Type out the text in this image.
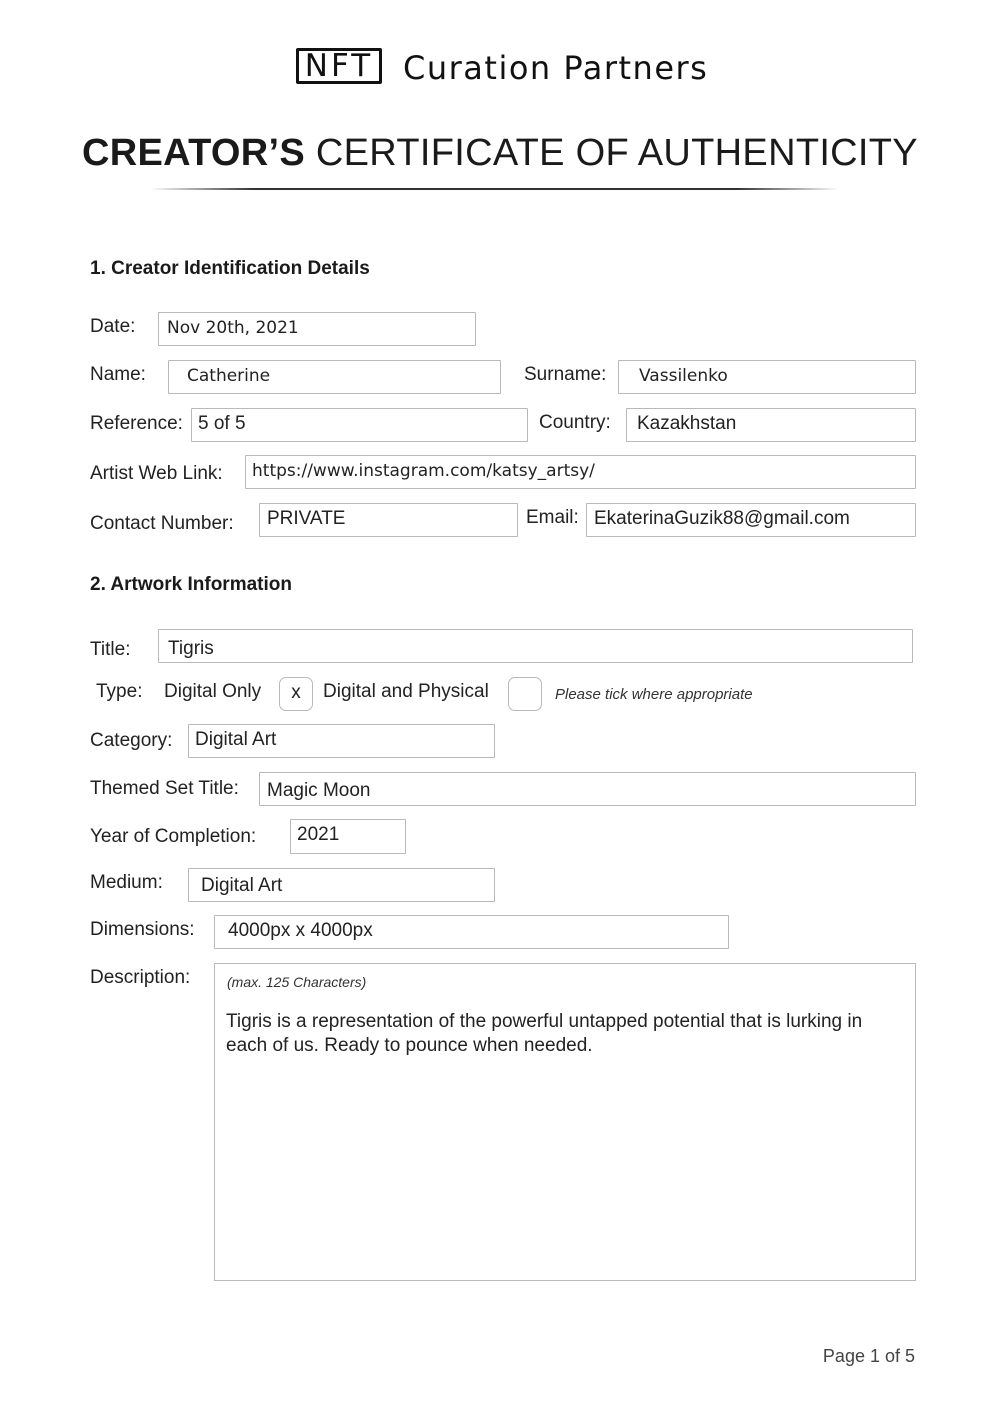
NFT Curation Partners
CREATOR’S CERTIFICATE OF AUTHENTICITY
1. Creator Identification Details
Date:	Nov 20th, 2021
Name:	Catherine	Surname:	Vassilenko
Reference: 5 of 5	Country:	Kazakhstan
Artist Web Link:	https://www.instagram.com/katsy_artsy/
Contact Number:	PRIVATE	Email: EkaterinaGuzik88@gmail.com
2. Artwork Information
Title:	Tigris
Type: Digital Only	x	Digital and Physical	Please tick where appropriate
Category:	Digital Art
Themed Set Title:	Magic Moon
Year of Completion:	2021
Medium:	Digital Art
Dimensions:	4000px x 4000px
Description:	(max. 125 Characters)
Tigris is a representation of the powerful untapped potential that is lurking in each of us. Ready to pounce when needed.
Page 1 of 5
